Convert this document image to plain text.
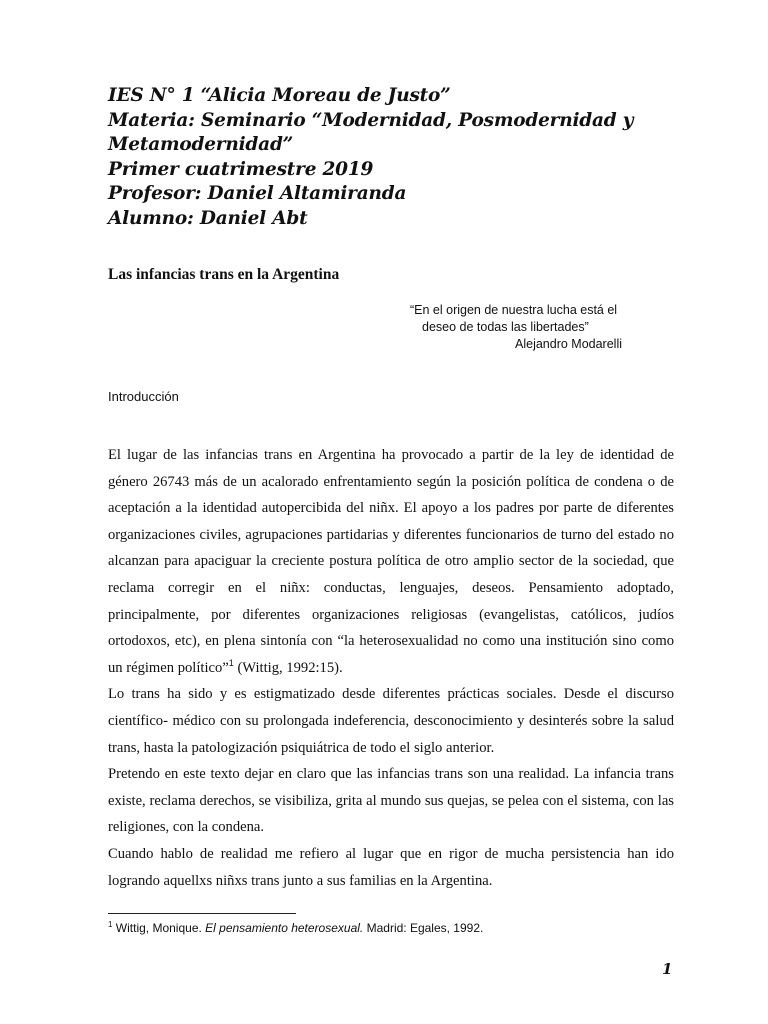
IES N° 1 “Alicia Moreau de Justo”
Materia: Seminario “Modernidad, Posmodernidad y Metamodernidad”
Primer cuatrimestre 2019
Profesor: Daniel Altamiranda
Alumno: Daniel Abt
Las infancias trans en la Argentina
“En el origen de nuestra lucha está el
deseo de todas las libertades”
Alejandro Modarelli
Introducción

El lugar de las infancias trans en Argentina ha provocado a partir de la ley de identidad de género 26743 más de un acalorado enfrentamiento según la posición política de condena o de aceptación a la identidad autopercibida del niñx. El apoyo a los padres por parte de diferentes organizaciones civiles, agrupaciones partidarias y diferentes funcionarios de turno del estado no alcanzan para apaciguar la creciente postura política de otro amplio sector de la sociedad, que reclama corregir en el niñx: conductas, lenguajes, deseos. Pensamiento adoptado, principalmente, por diferentes organizaciones religiosas (evangelistas, católicos, judíos ortodoxos, etc), en plena sintonía con “la heterosexualidad no como una institución sino como un régimen político”$^1$ (Wittig, 1992:15).

Lo trans ha sido y es estigmatizado desde diferentes prácticas sociales. Desde el discurso científico- médico con su prolongada indeferencia, desconocimiento y desinterés sobre la salud trans, hasta la patologización psiquiátrica de todo el siglo anterior.

Pretendo en este texto dejar en claro que las infancias trans son una realidad. La infancia trans existe, reclama derechos, se visibiliza, grita al mundo sus quejas, se pelea con el sistema, con las religiones, con la condena.

Cuando hablo de realidad me refiero al lugar que en rigor de mucha persistencia han ido logrando aquellxs niñxs trans junto a sus familias en la Argentina.

$^1$ Wittig, Monique. El pensamiento heterosexual. Madrid: Egales, 1992.
1
